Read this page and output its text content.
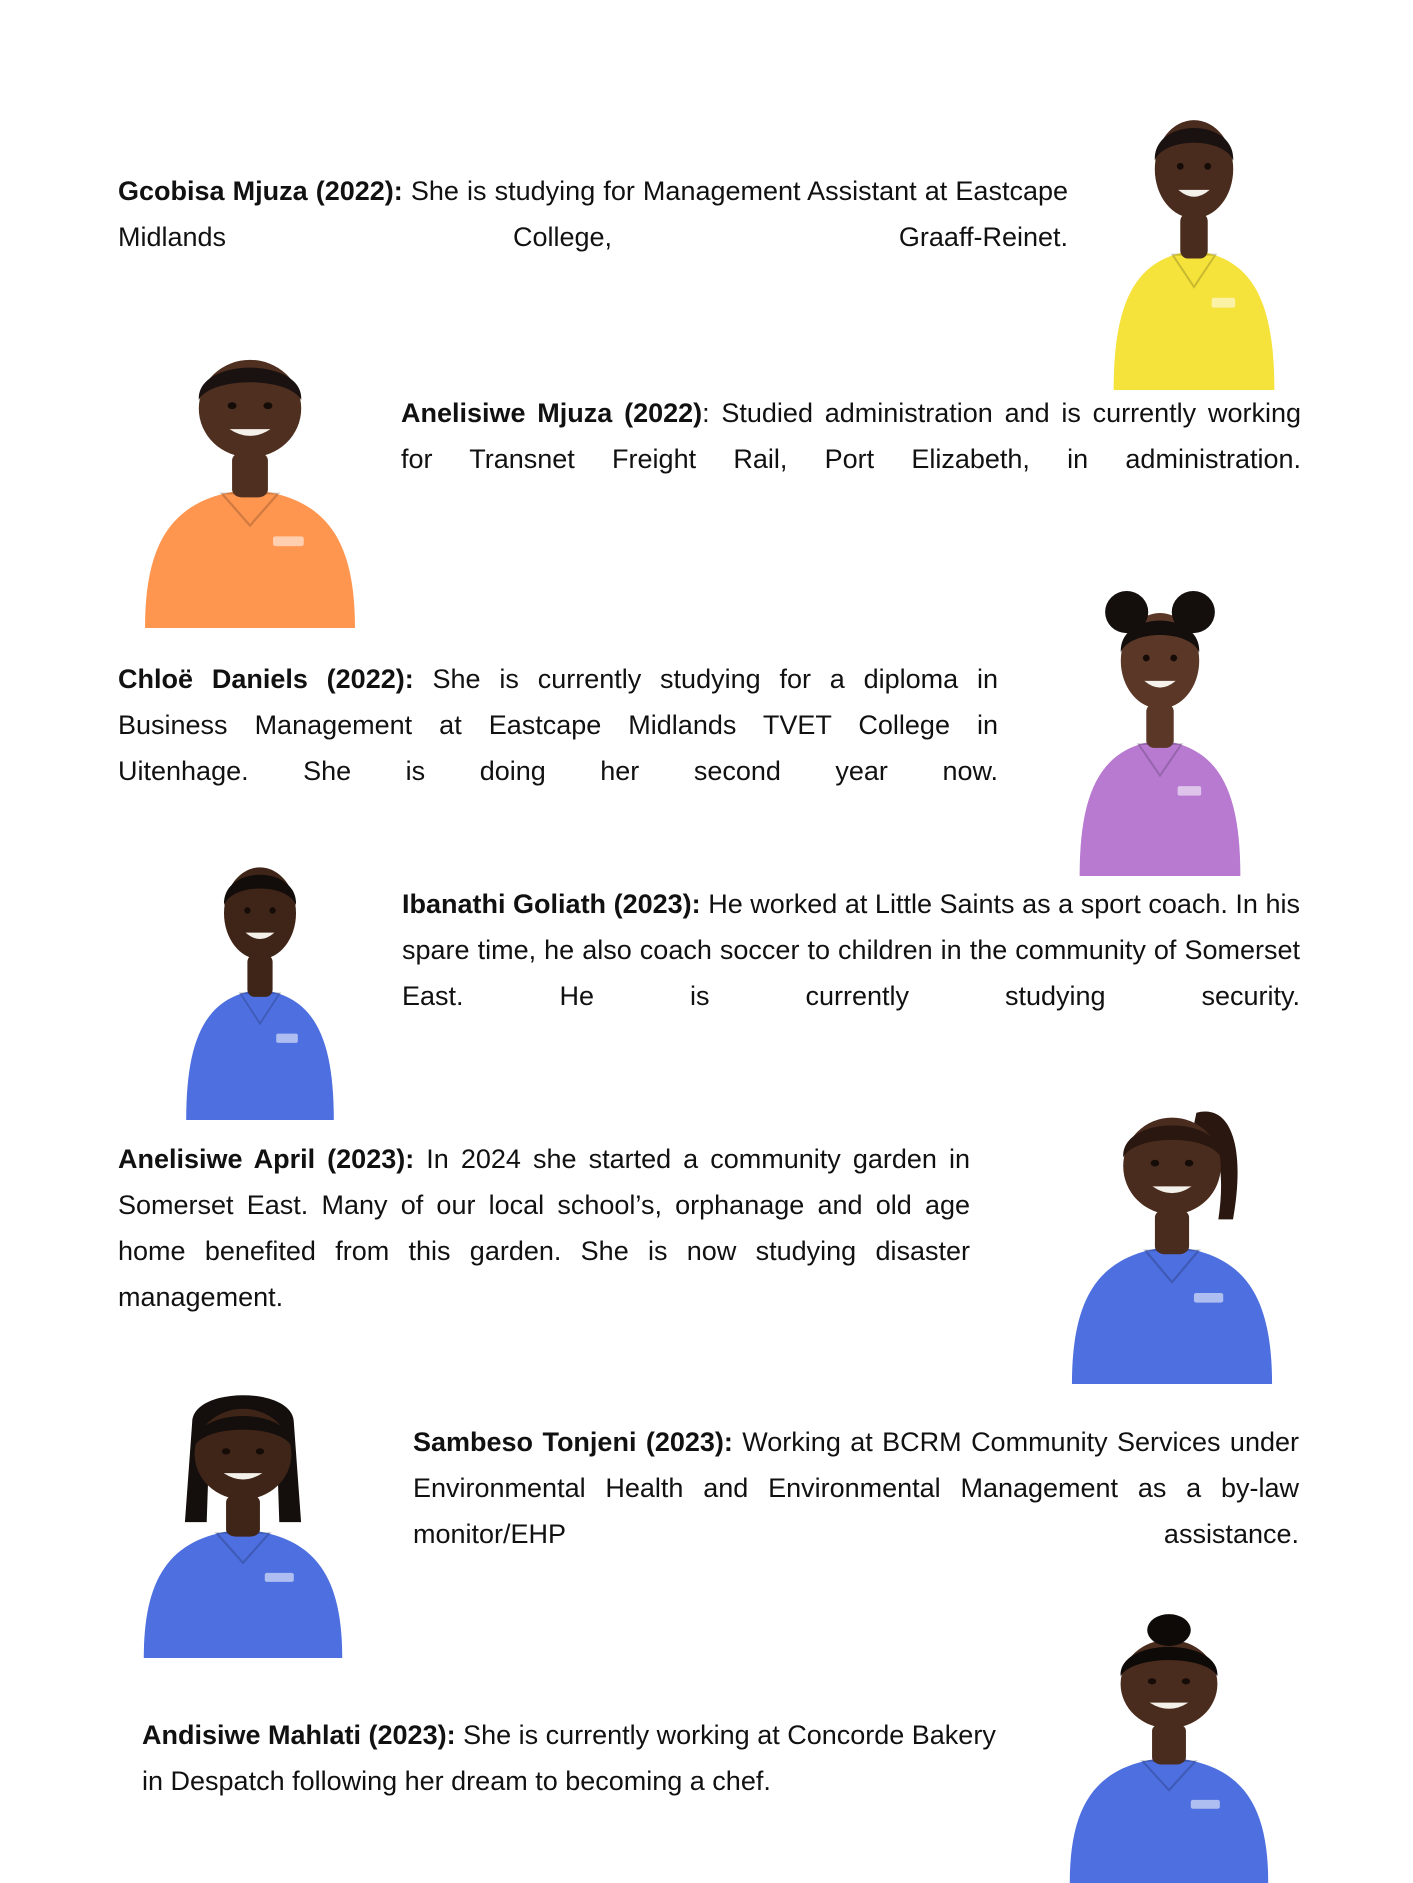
Gcobisa Mjuza (2022): She is studying for Management Assistant at Eastcape Midlands College, Graaff-Reinet.
Anelisiwe Mjuza (2022): Studied administration and is currently working for Transnet Freight Rail, Port Elizabeth, in administration.
Chloë Daniels (2022): She is currently studying for a diploma in Business Management at Eastcape Midlands TVET College in Uitenhage. She is doing her second year now.
Ibanathi Goliath (2023): He worked at Little Saints as a sport coach. In his spare time, he also coach soccer to children in the community of Somerset East. He is currently studying security.
Anelisiwe April (2023): In 2024 she started a community garden in Somerset East. Many of our local school’s, orphanage and old age home benefited from this garden. She is now studying disaster management.
Sambeso Tonjeni (2023): Working at BCRM Community Services under Environmental Health and Environmental Management as a by-law monitor/EHP assistance.
Andisiwe Mahlati (2023): She is currently working at Concorde Bakery in Despatch following her dream to becoming a chef.
